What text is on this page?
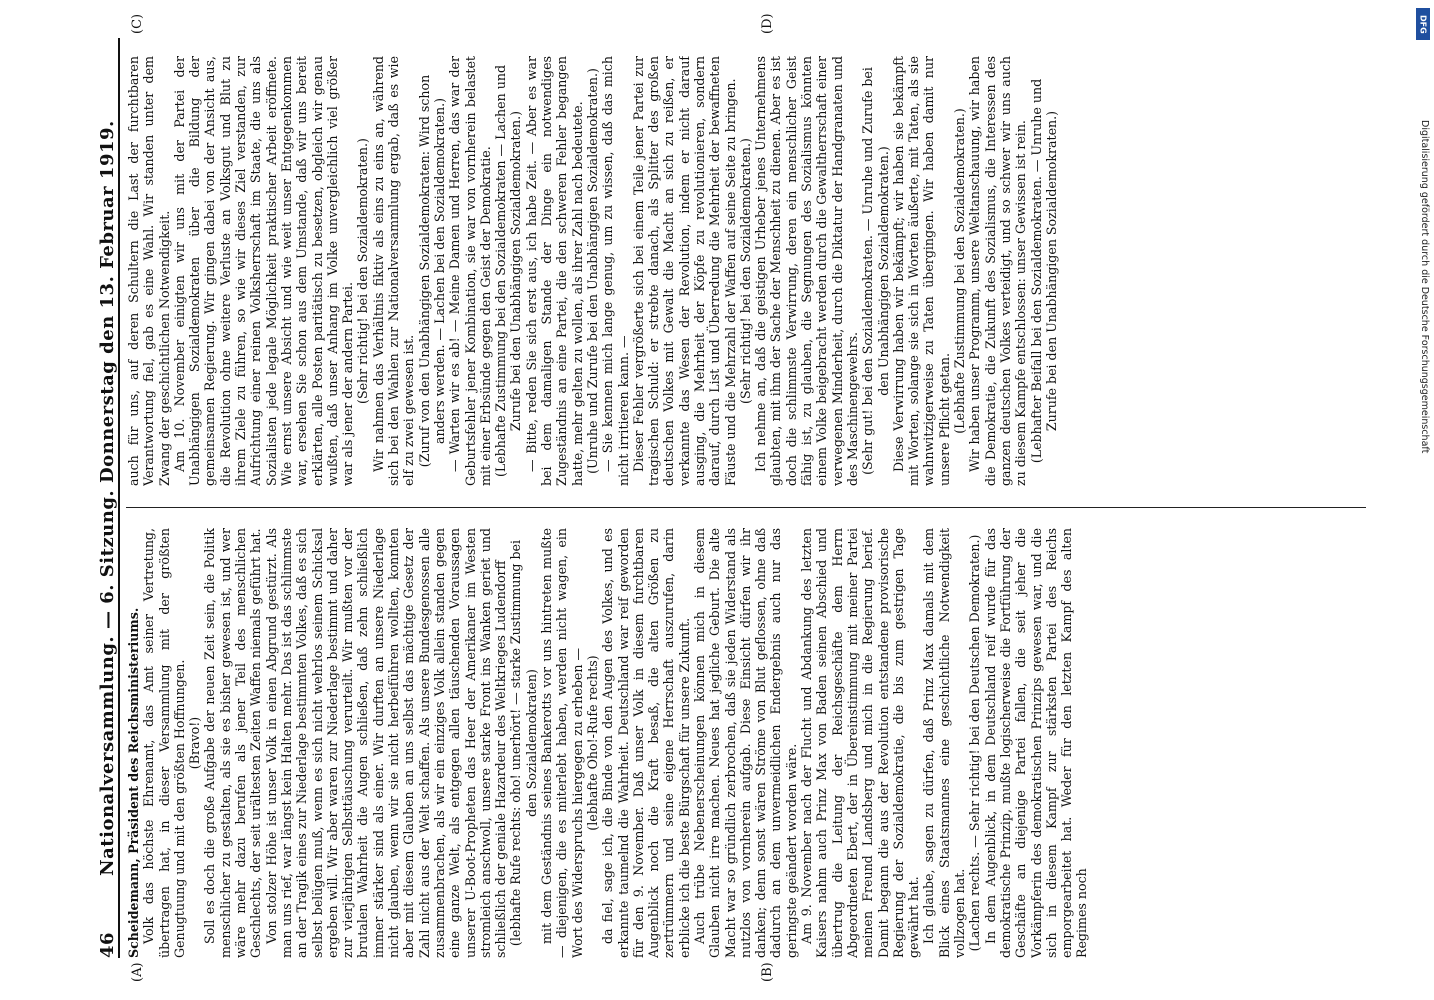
46
Nationalversammlung. — 6. Sitzung. Donnerstag den 13. Februar 1919. Scheidemann, Präsident des Reichsministeriums. Volk das höchste Ehrenamt, das Amt seiner Vertretung, übertragen hat, in dieser Versammlung mit der größten Genugtuung und mit den größten Hoffnungen. (Bravo!) Soll es doch die große Aufgabe der neuen Zeit sein, die Politik menschlicher zu gestalten, als sie es bisher gewesen ist, und wer wäre mehr dazu berufen als jener Teil des menschlichen Geschlechts, der seit urältesten Zeiten Waffen niemals geführt hat. Von stolzer Höhe ist unser Volk in einen Abgrund gestürzt. Als man uns rief, war längst kein Halten mehr. Das ist das schlimmste an der Tragik eines zur Niederlage bestimmten Volkes, daß es sich selbst belügen muß, wenn es sich nicht wehrlos seinem Schicksal ergeben will. Wir aber waren zur Niederlage bestimmt und daher zur vierjährigen Selbsttäuschung verurteilt. Wir mußten vor der brutalen Wahrheit die Augen schließen, daß zehn schließlich immer stärker sind als einer. Wir durften an unsere Niederlage nicht glauben, wenn wir sie nicht herbeiführen wollten, konnten aber mit diesem Glauben an uns selbst das mächtige Gesetz der Zahl nicht aus der Welt schaffen. Als unsere Bundesgenossen alle zusammenbrachen, als wir ein einziges Volk allein standen gegen eine ganze Welt, als entgegen allen täuschenden Voraussagen unserer U-Boot-Propheten das Heer der Amerikaner im Westen stromleich anschwoll, unsere starke Front ins Wanken geriet und schließlich der geniale Hazardeur des Weltkrieges Ludendorff (lebhafte Rufe rechts: oho! unerhört! — starke Zustimmung bei den Sozialdemokraten) mit dem Geständnis seines Bankerotts vor uns hintreten mußte — diejenigen, die es miterlebt haben, werden nicht wagen, ein Wort des Widerspruchs hiergegen zu erheben — (lebhafte Oho!-Rufe rechts) da fiel, sage ich, die Binde von den Augen des Volkes, und es erkannte taumelnd die Wahrheit. Deutschland war reif geworden für den 9. November. Daß unser Volk in diesem furchtbaren Augenblick noch die Kraft besaß, die alten Größen zu zertrümmern und seine eigene Herrschaft auszurufen, darin erblicke ich die beste Bürgschaft für unsere Zukunft. Auch trübe Nebenerscheinungen können mich in diesem Glauben nicht irre machen. Neues hat jegliche Geburt. Die alte Macht war so gründlich zerbrochen, daß sie jeden Widerstand als nutzlos von vornherein aufgab. Diese Einsicht dürfen wir ihr danken; denn sonst wären Ströme von Blut geflossen, ohne daß dadurch an dem unvermeidlichen Endergebnis auch nur das geringste geändert worden wäre. Am 9. November nach der Flucht und Abdankung des letzten Kaisers nahm auch Prinz Max von Baden seinen Abschied und übertrug die Leitung der Reichsgeschäfte dem Herrn Abgeordneten Ebert, der in Übereinstimmung mit meiner Partei meinen Freund Landsberg und mich in die Regierung berief. Damit begann die aus der Revolution entstandene provisorische Regierung der Sozialdemokratie, die bis zum gestrigen Tage gewährt hat. Ich glaube, sagen zu dürfen, daß Prinz Max damals mit dem Blick eines Staatsmannes eine geschichtliche Notwendigkeit vollzogen hat. (Lachen rechts. — Sehr richtig! bei den Deutschen Demokraten.) In dem Augenblick, in dem Deutschland reif wurde für das demokratische Prinzip, mußte logischerweise die Fortführung der Geschäfte an diejenige Partei fallen, die seit jeher die Vorkämpferin des demokratischen Prinzips gewesen war, und die sich in diesem Kampf zur stärksten Partei des Reichs emporgearbeitet hat. Weder für den letzten Kampf des alten Regimes noch

auch für uns, auf deren Schultern die Last der furchtbaren Verantwortung fiel, gab es eine Wahl. Wir standen unter dem Zwang der geschichtlichen Notwendigkeit. Am 10. November einigten wir uns mit der Partei der Unabhängigen Sozialdemokraten über die Bildung der gemeinsamen Regierung. Wir gingen dabei von der Ansicht aus, die Revolution ohne weitere Verluste an Volksgut und Blut zu ihrem Ziele zu führen, so wie wir dieses Ziel verstanden, zur Aufrichtung einer reinen Volksherrschaft im Staate, die uns als Sozialisten jede legale Möglichkeit praktischer Arbeit eröffnete. Wie ernst unsere Absicht und wie weit unser Entgegenkommen war, ersehen Sie schon aus dem Umstande, daß wir uns bereit erklärten, alle Posten paritätisch zu besetzen, obgleich wir genau wußten, daß unser Anhang im Volke unvergleichlich viel größer war als jener der andern Partei. (Sehr richtig! bei den Sozialdemokraten.) Wir nahmen das Verhältnis fiktiv als eins zu eins an, während sich bei den Wahlen zur Nationalversammlung ergab, daß es wie elf zu zwei gewesen ist. (Zuruf von den Unabhängigen Sozialdemokraten: Wird schon anders werden. — Lachen bei den Sozialdemokraten.) — Warten wir es ab! — Meine Damen und Herren, das war der Geburtsfehler jener Kombination, sie war von vornherein belastet mit einer Erbsünde gegen den Geist der Demokratie. (Lebhafte Zustimmung bei den Sozialdemokraten — Lachen und Zurufe bei den Unabhängigen Sozialdemokraten.) — Bitte, reden Sie sich erst aus, ich habe Zeit. — Aber es war bei dem damaligen Stande der Dinge ein notwendiges Zugeständnis an eine Partei, die den schweren Fehler begangen hatte, mehr gelten zu wollen, als ihrer Zahl nach bedeutete. (Unruhe und Zurufe bei den Unabhängigen Sozialdemokraten.) — Sie kennen mich lange genug, um zu wissen, daß das mich nicht irritieren kann. — Dieser Fehler vergrößerte sich bei einem Teile jener Partei zur tragischen Schuld: er strebte danach, als Splitter des großen deutschen Volkes mit Gewalt die Macht an sich zu reißen, er verkannte das Wesen der Revolution, indem er nicht darauf ausging, die Mehrheit der Köpfe zu revolutionieren, sondern darauf, durch List und Überredung die Mehrheit der bewaffneten Fäuste und die Mehrzahl der Waffen auf seine Seite zu bringen. (Sehr richtig! bei den Sozialdemokraten.) Ich nehme an, daß die geistigen Urheber jenes Unternehmens glaubten, mit ihm der Sache der Menschheit zu dienen. Aber es ist doch die schlimmste Verwirrung, deren ein menschlicher Geist fähig ist, zu glauben, die Segnungen des Sozialismus könnten einem Volke beigebracht werden durch die Gewaltherrschaft einer verwegenen Minderheit, durch die Diktatur der Handgranaten und des Maschinengewehrs. (Sehr gut! bei den Sozialdemokraten. — Unruhe und Zurufe bei den Unabhängigen Sozialdemokraten.) Diese Verwirrung haben wir bekämpft; wir haben sie bekämpft mit Worten, solange sie sich in Worten äußerte, mit Taten, als sie wahnwitzigerweise zu Taten übergingen. Wir haben damit nur unsere Pflicht getan. (Lebhafte Zustimmung bei den Sozialdemokraten.) Wir haben unser Programm, unsere Weltanschauung, wir haben die Demokratie, die Zukunft des Sozialismus, die Interessen des ganzen deutschen Volkes verteidigt, und so schwer wir uns auch zu diesem Kampfe entschlossen: unser Gewissen ist rein. (Lebhafter Beifall bei den Sozialdemokraten. — Unruhe und Zurufe bei den Unabhängigen Sozialdemokraten.)

(A)	(B)
(C)	(D)	DFG
Digitalisierung gefördert durch die Deutsche Forschungsgemeinschaft
